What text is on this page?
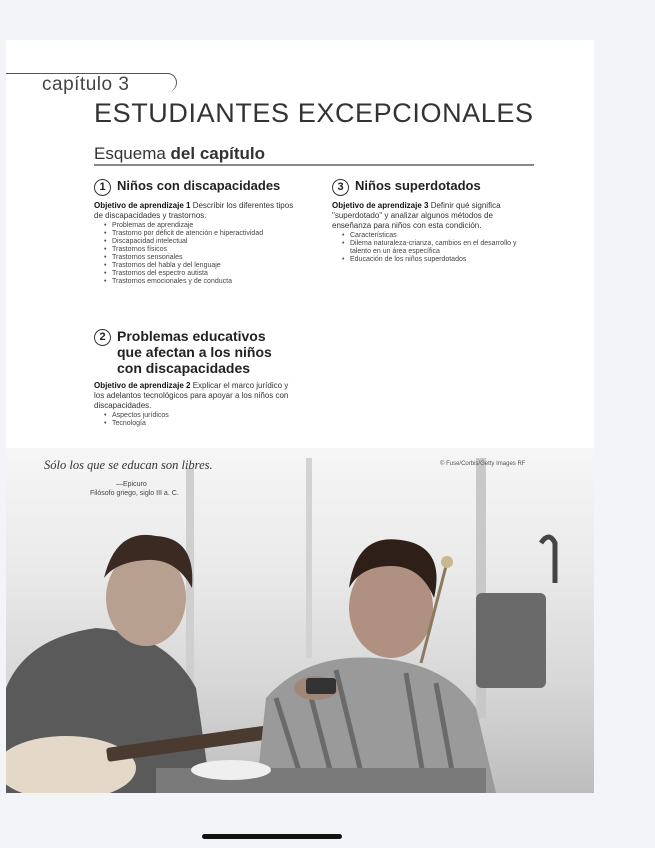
capítulo 3
ESTUDIANTES EXCEPCIONALES
Esquema del capítulo
1 Niños con discapacidades
Objetivo de aprendizaje 1 Describir los diferentes tipos de discapacidades y trastornos.
• Problemas de aprendizaje
• Trastorno por déficit de atención e hiperactividad
• Discapacidad intelectual
• Trastornos físicos
• Trastornos sensoriales
• Trastornos del habla y del lenguaje
• Trastornos del espectro autista
• Trastornos emocionales y de conducta
2 Problemas educativos que afectan a los niños con discapacidades
Objetivo de aprendizaje 2 Explicar el marco jurídico y los adelantos tecnológicos para apoyar a los niños con discapacidades.
• Aspectos jurídicos
• Tecnología
3 Niños superdotados
Objetivo de aprendizaje 3 Definir qué significa "superdotado" y analizar algunos métodos de enseñanza para niños con esta condición.
• Características
• Dilema naturaleza-crianza, cambios en el desarrollo y talento en un área específica
• Educación de los niños superdotados
Sólo los que se educan son libres.
—Epicuro
Filósofo griego, siglo III a. C.
© Fuse/Corbis/Getty Images RF
